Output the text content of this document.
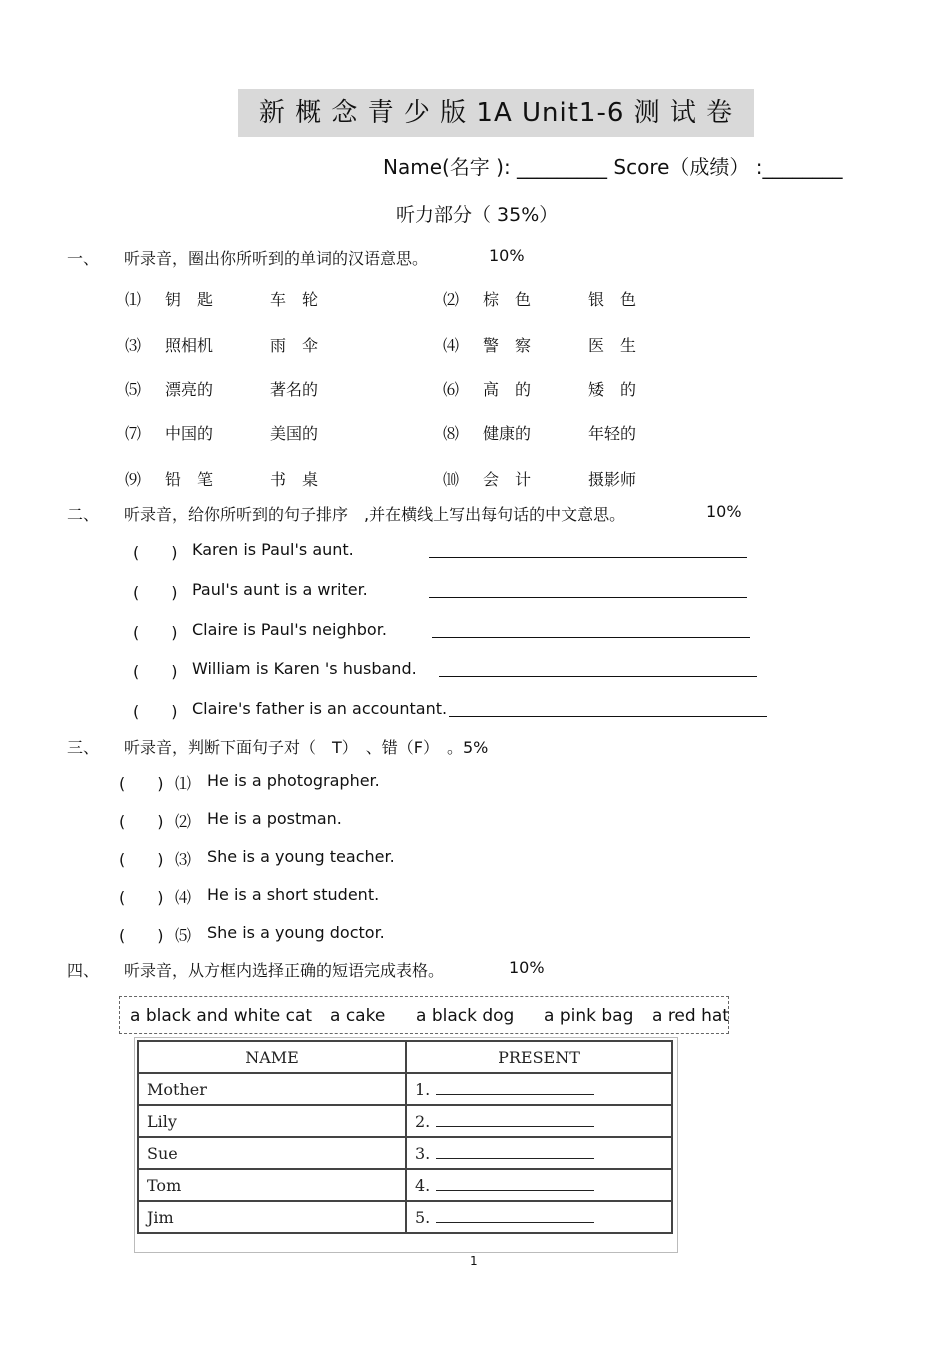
新 概 念 青 少 版 1A Unit1-6 测 试 卷
Name(名字 ): _________ Score（成绩） :________
听力部分（ 35%）
一、 听录音，圈出你所听到的单词的汉语意思。	10%
⑴ 钥　匙	车　轮	⑵ 棕　色	银　色
⑶ 照相机	雨　伞	⑷ 警　察	医　生
⑸ 漂亮的	著名的	⑹ 高　的	矮　的
⑺ 中国的	美国的	⑻ 健康的	年轻的
⑼ 铅　笔	书　桌	⑽ 会　计	摄影师
二、 听录音，给你所听到的句子排序　,并在横线上写出每句话的中文意思。	10%
(　　) Karen is Paul's aunt.
(　　) Paul's aunt is a writer.
(　　) Claire is Paul's neighbor.
(　　) William is Karen 's husband.
(　　) Claire's father is an accountant.
三、 听录音，判断下面句子对（　T）　、错（F）　。5%
(　　) ⑴ He is a photographer.
(　　) ⑵ He is a postman.
(　　) ⑶ She is a young teacher.
(　　) ⑷ He is a short student.
(　　) ⑸ She is a young doctor.
四、 听录音，从方框内选择正确的短语完成表格。	10%
a black and white cat a cake a black dog a pink bag a red hat
NAME	PRESENT
Mother	1.
Lily	2.
Sue	3.
Tom	4.
Jim	5.
1
